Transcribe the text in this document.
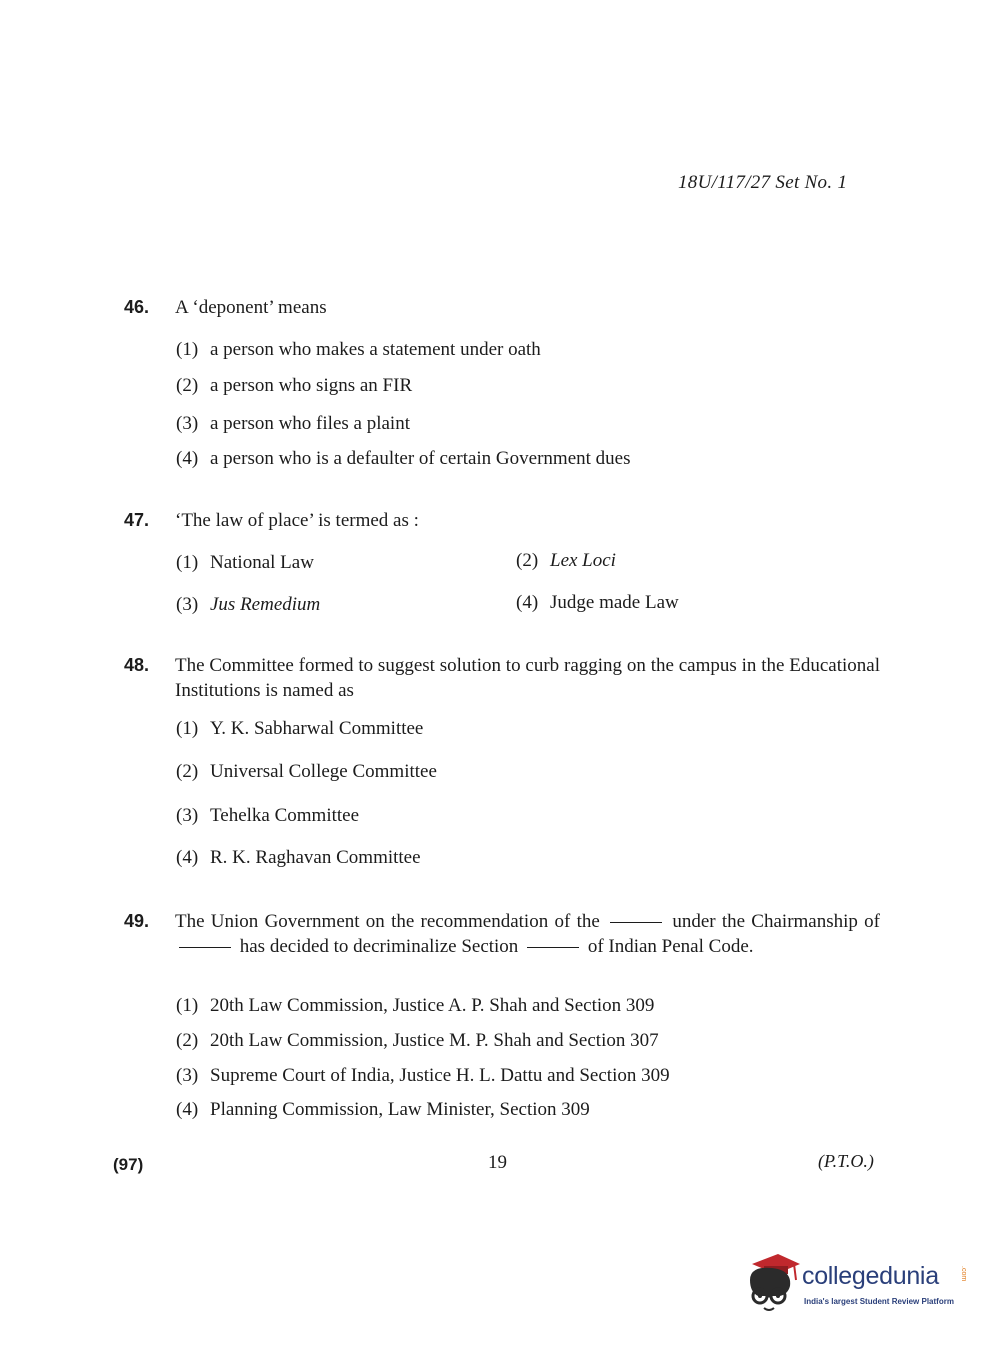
18U/117/27 Set No. 1
46. A ‘deponent’ means
(1) a person who makes a statement under oath
(2) a person who signs an FIR
(3) a person who files a plaint
(4) a person who is a defaulter of certain Government dues
47. ‘The law of place’ is termed as :
(1) National Law	(2) Lex Loci
(3) Jus Remedium	(4) Judge made Law
48. The Committee formed to suggest solution to curb ragging on the campus in the Educational Institutions is named as
(1) Y. K. Sabharwal Committee
(2) Universal College Committee
(3) Tehelka Committee
(4) R. K. Raghavan Committee
49. The Union Government on the recommendation of the	under the Chairmanship of  has decided to decriminalize Section	of Indian Penal Code.
(1) 20th Law Commission, Justice A. P. Shah and Section 309
(2) 20th Law Commission, Justice M. P. Shah and Section 307
(3) Supreme Court of India, Justice H. L. Dattu and Section 309
(4) Planning Commission, Law Minister, Section 309
(97)	19	(P.T.O.)
collegedunia	.com
India's largest Student Review Platform
